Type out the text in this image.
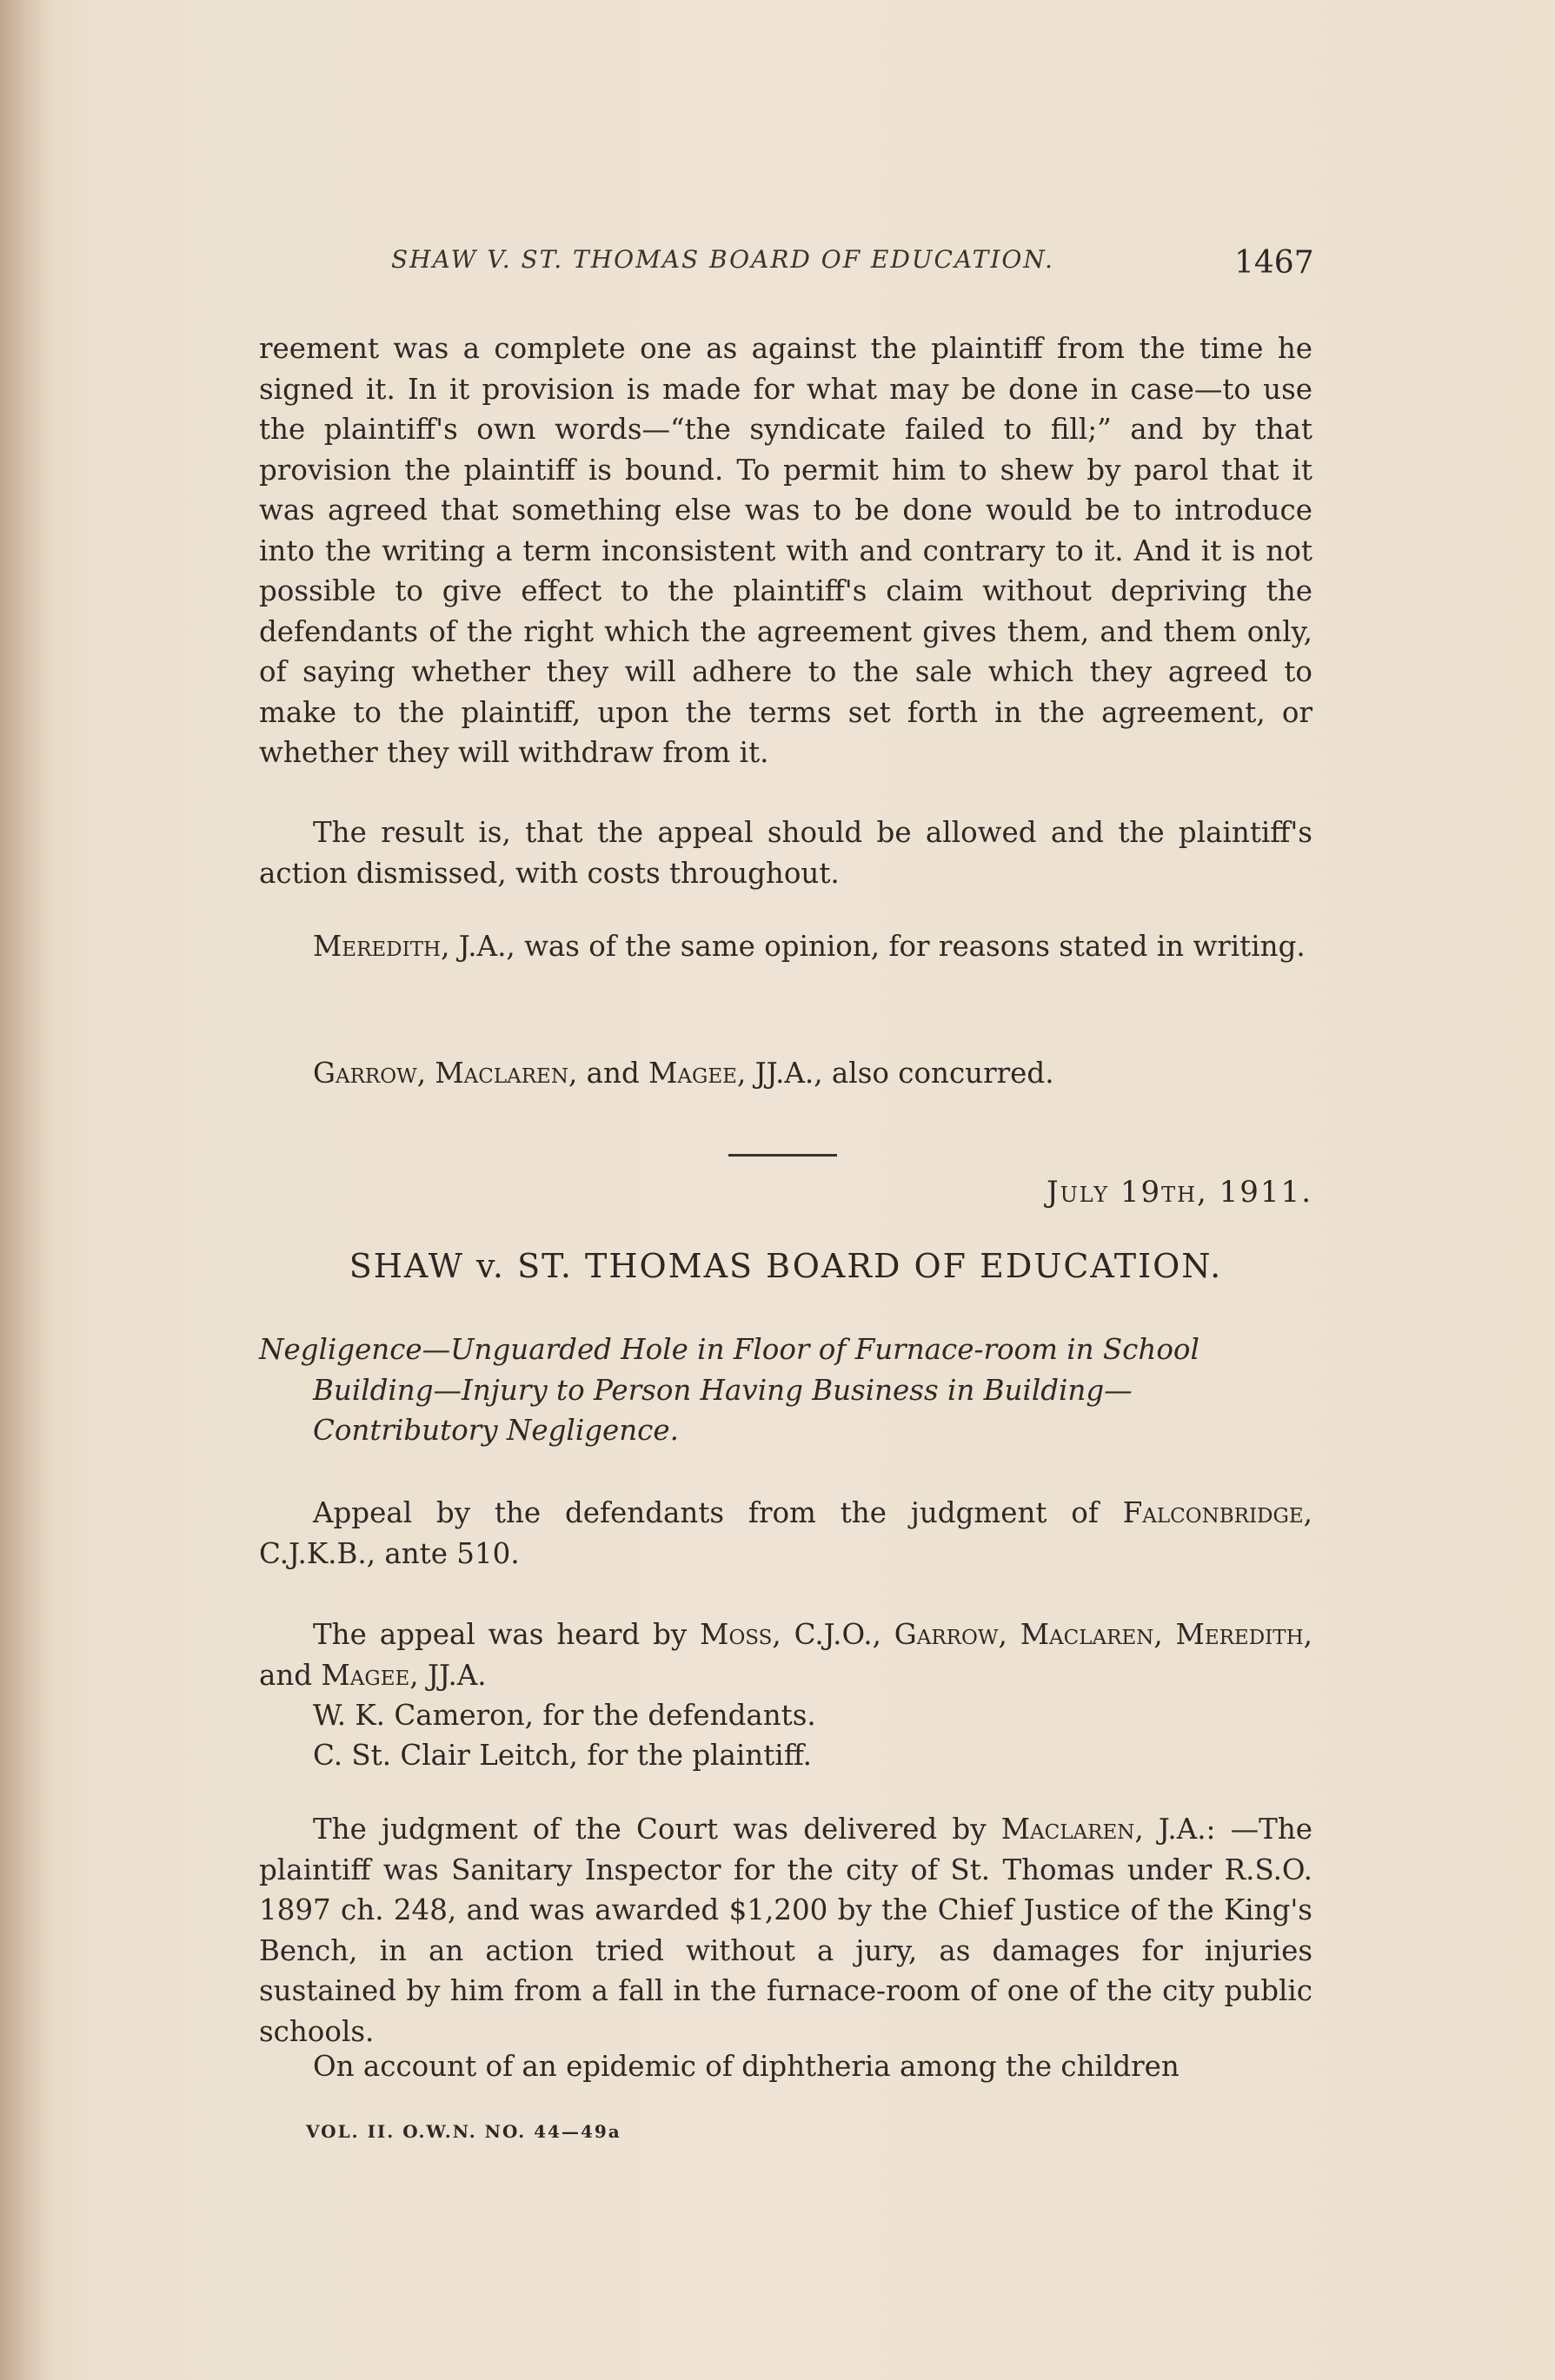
SHAW V. ST. THOMAS BOARD OF EDUCATION.	1467
reement was a complete one as against the plaintiff from the time he signed it. In it provision is made for what may be done in case—to use the plaintiff's own words—“the syndicate failed to fill;” and by that provision the plaintiff is bound. To permit him to shew by parol that it was agreed that something else was to be done would be to introduce into the writing a term inconsistent with and contrary to it. And it is not possible to give effect to the plaintiff's claim without depriving the defendants of the right which the agreement gives them, and them only, of saying whether they will adhere to the sale which they agreed to make to the plaintiff, upon the terms set forth in the agreement, or whether they will withdraw from it.
The result is, that the appeal should be allowed and the plaintiff's action dismissed, with costs throughout.
Meredith, J.A., was of the same opinion, for reasons stated in writing.
Garrow, Maclaren, and Magee, JJ.A., also concurred.
July 19th, 1911.
SHAW v. ST. THOMAS BOARD OF EDUCATION.
Negligence—Unguarded Hole in Floor of Furnace-room in School Building—Injury to Person Having Business in Building—Contributory Negligence.
Appeal by the defendants from the judgment of Falconbridge, C.J.K.B., ante 510.
The appeal was heard by Moss, C.J.O., Garrow, Maclaren, Meredith, and Magee, JJ.A.
W. K. Cameron, for the defendants.
C. St. Clair Leitch, for the plaintiff.
The judgment of the Court was delivered by Maclaren, J.A.: —The plaintiff was Sanitary Inspector for the city of St. Thomas under R.S.O. 1897 ch. 248, and was awarded $1,200 by the Chief Justice of the King's Bench, in an action tried without a jury, as damages for injuries sustained by him from a fall in the furnace-room of one of the city public schools.
On account of an epidemic of diphtheria among the children
VOL. II. O.W.N. NO. 44—49a
